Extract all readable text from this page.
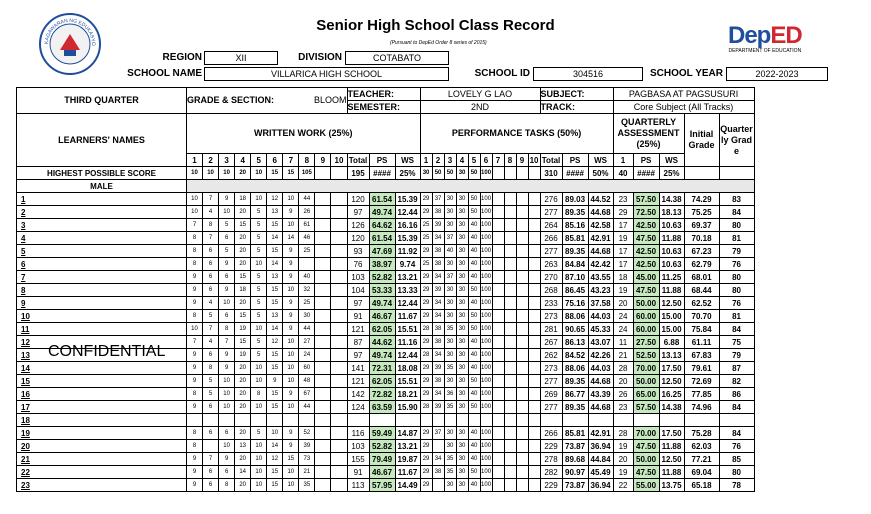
KAGAWARAN NG EDUKASYO
Senior High School Class Record
(Pursuant to DepEd Order 8 series of 2015)	DepED
DEPARTMENT OF EDUCATION
REGION	XII	DIVISION	COTABATO
SCHOOL NAME	VILLARICA HIGH SCHOOL	SCHOOL ID	304516	SCHOOL YEAR	2022-2023
CONFIDENTIAL
THIRD QUARTER	GRADE & SECTION: BLOOM										TEACHER:			LOVELY G LAO										SUBJECT:			PAGBASA AT PAGSUSURI				
											SEMESTER:			2ND										TRACK:			Core Subject (All Tracks)				
LEARNERS' NAMES	WRITTEN WORK (25%)													PERFORMANCE TASKS (50%)													QUARTERLY ASSESSMENT (25%)			Initial Grade	Quarterly Grade
	1	2	3	4	5	6	7	8	9	10	Total	PS	WS	1	2	3	4	5	6	7	8	9	10	Total	PS	WS	1	PS	WS		
HIGHEST POSSIBLE SCORE	10	10	10	20	10	15	15	105			195	####	25%	30	50	50	30	50	100					310	####	50%	40	####	25%		
MALE																															
1	10	7	9	18	10	12	10	44			120	61.54	15.39	29	37	30	30	50	100					276	89.03	44.52	23	57.50	14.38	74.29	83
2	10	4	10	20	5	13	9	26			97	49.74	12.44	29	38	30	30	50	100					277	89.35	44.68	29	72.50	18.13	75.25	84
3	7	8	5	15	5	15	10	61			126	64.62	16.16	25	39	30	30	40	100					264	85.16	42.58	17	42.50	10.63	69.37	80
4	8	7	6	20	5	14	14	46			120	61.54	15.39	25	34	37	30	40	100					266	85.81	42.91	19	47.50	11.88	70.18	81
5	8	6	5	20	5	15	9	25			93	47.69	11.92	29	38	40	30	40	100					277	89.35	44.68	17	42.50	10.63	67.23	79
6	8	6	9	20	10	14	9				76	38.97	9.74	25	38	30	30	40	100					263	84.84	42.42	17	42.50	10.63	62.79	76
7	9	6	6	15	5	13	9	40			103	52.82	13.21	29	34	37	30	40	100					270	87.10	43.55	18	45.00	11.25	68.01	80
8	9	6	9	18	5	15	10	32			104	53.33	13.33	29	39	30	30	50	100					268	86.45	43.23	19	47.50	11.88	68.44	80
9	9	4	10	20	5	15	9	25			97	49.74	12.44	29	34	30	30	40	100					233	75.16	37.58	20	50.00	12.50	62.52	76
10	8	5	6	15	5	13	9	30			91	46.67	11.67	29	34	30	30	50	100					273	88.06	44.03	24	60.00	15.00	70.70	81
11	10	7	8	19	10	14	9	44			121	62.05	15.51	28	38	35	30	50	100					281	90.65	45.33	24	60.00	15.00	75.84	84
12	7	4	7	15	5	12	10	27			87	44.62	11.16	29	38	30	30	40	100					267	86.13	43.07	11	27.50	6.88	61.11	75
13	9	6	9	19	5	15	10	24			97	49.74	12.44	28	34	30	30	40	100					262	84.52	42.26	21	52.50	13.13	67.83	79
14	9	8	9	20	10	15	10	60			141	72.31	18.08	29	39	35	30	40	100					273	88.06	44.03	28	70.00	17.50	79.61	87
15	9	5	10	20	10	9	10	48			121	62.05	15.51	29	38	30	30	50	100					277	89.35	44.68	20	50.00	12.50	72.69	82
16	8	5	10	20	8	15	9	67			142	72.82	18.21	29	34	36	30	40	100					269	86.77	43.39	26	65.00	16.25	77.85	86
17	9	6	10	20	10	15	10	44			124	63.59	15.90	28	39	35	30	50	100					277	89.35	44.68	23	57.50	14.38	74.96	84
18																															
19	8	6	6	20	5	10	9	52			116	59.49	14.87	29	37	30	30	40	100					266	85.81	42.91	28	70.00	17.50	75.28	84
20	8		10	13	10	14	9	39			103	52.82	13.21	29		30	30	40	100					229	73.87	36.94	19	47.50	11.88	62.03	76
21	9	7	9	20	10	12	15	73			155	79.49	19.87	29	34	35	30	40	100					278	89.68	44.84	20	50.00	12.50	77.21	85
22	9	6	6	14	10	15	10	21			91	46.67	11.67	29	38	35	30	50	100					282	90.97	45.49	19	47.50	11.88	69.04	80
23	9	6	8	20	10	15	10	35			113	57.95	14.49	29		30	30	40	100					229	73.87	36.94	22	55.00	13.75	65.18	78
